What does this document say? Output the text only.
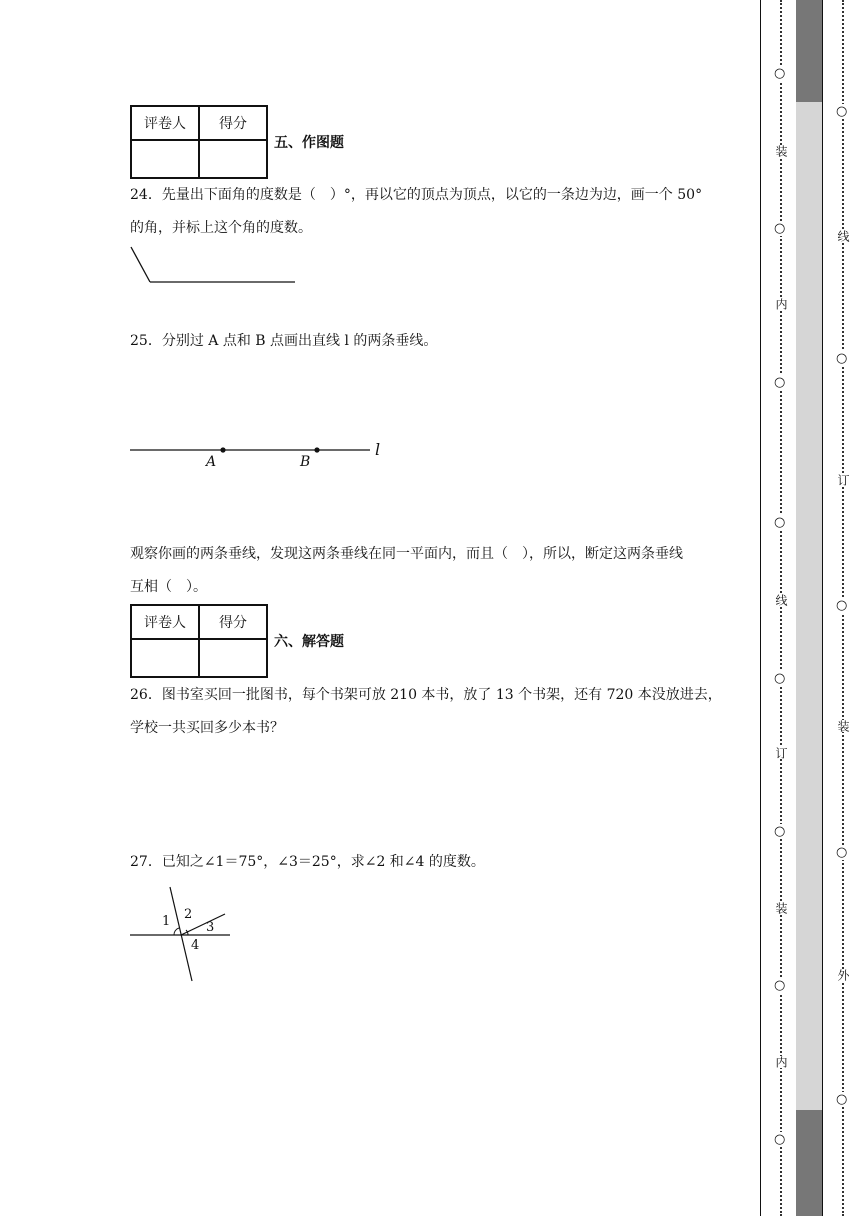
评卷人	得分

五、作图题
24．先量出下面角的度数是（　）°，再以它的顶点为顶点，以它的一条边为边，画一个 50°
的角，并标上这个角的度数。
25．分别过 A 点和 B 点画出直线 l 的两条垂线。
A	B
l
观察你画的两条垂线，发现这两条垂线在同一平面内，而且（　），所以，断定这两条垂线
互相（　）。
评卷人	得分

六、解答题
26．图书室买回一批图书，每个书架可放 210 本书，放了 13 个书架，还有 720 本没放进去，
学校一共买回多少本书？
27．已知之∠1＝75°，∠3＝25°，求∠2 和∠4 的度数。
1 2
3
4
○
装
○
内
○
○
线
○
订
○
装
○
内
○
○
线
○
订
○
装
○
外
○
